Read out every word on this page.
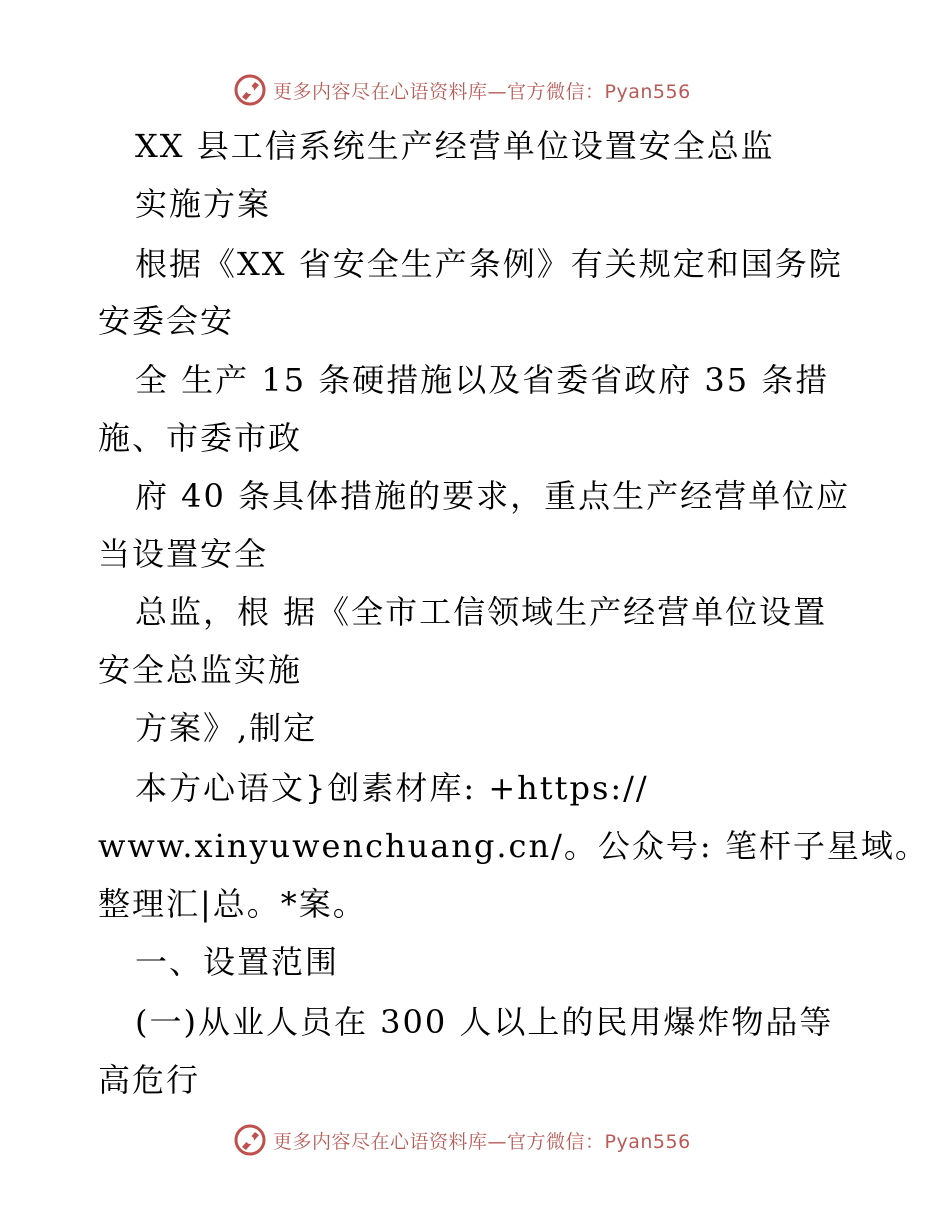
更多内容尽在心语资料库—官方微信：Pyan556
XX 县工信系统生产经营单位设置安全总监
实施方案
根据《XX 省安全生产条例》有关规定和国务院
安委会安
全 生产 15 条硬措施以及省委省政府 35 条措
施、市委市政
府 40 条具体措施的要求，重点生产经营单位应
当设置安全
总监，根 据《全市工信领域生产经营单位设置
安全总监实施
方案》,制定
本方心语文}创素材库: +https://
www.xinyuwenchuang.cn/。公众号: 笔杆子星域。
整理汇|总。*案。
一、设置范围
(一)从业人员在 300 人以上的民用爆炸物品等
高危行
更多内容尽在心语资料库—官方微信：Pyan556
